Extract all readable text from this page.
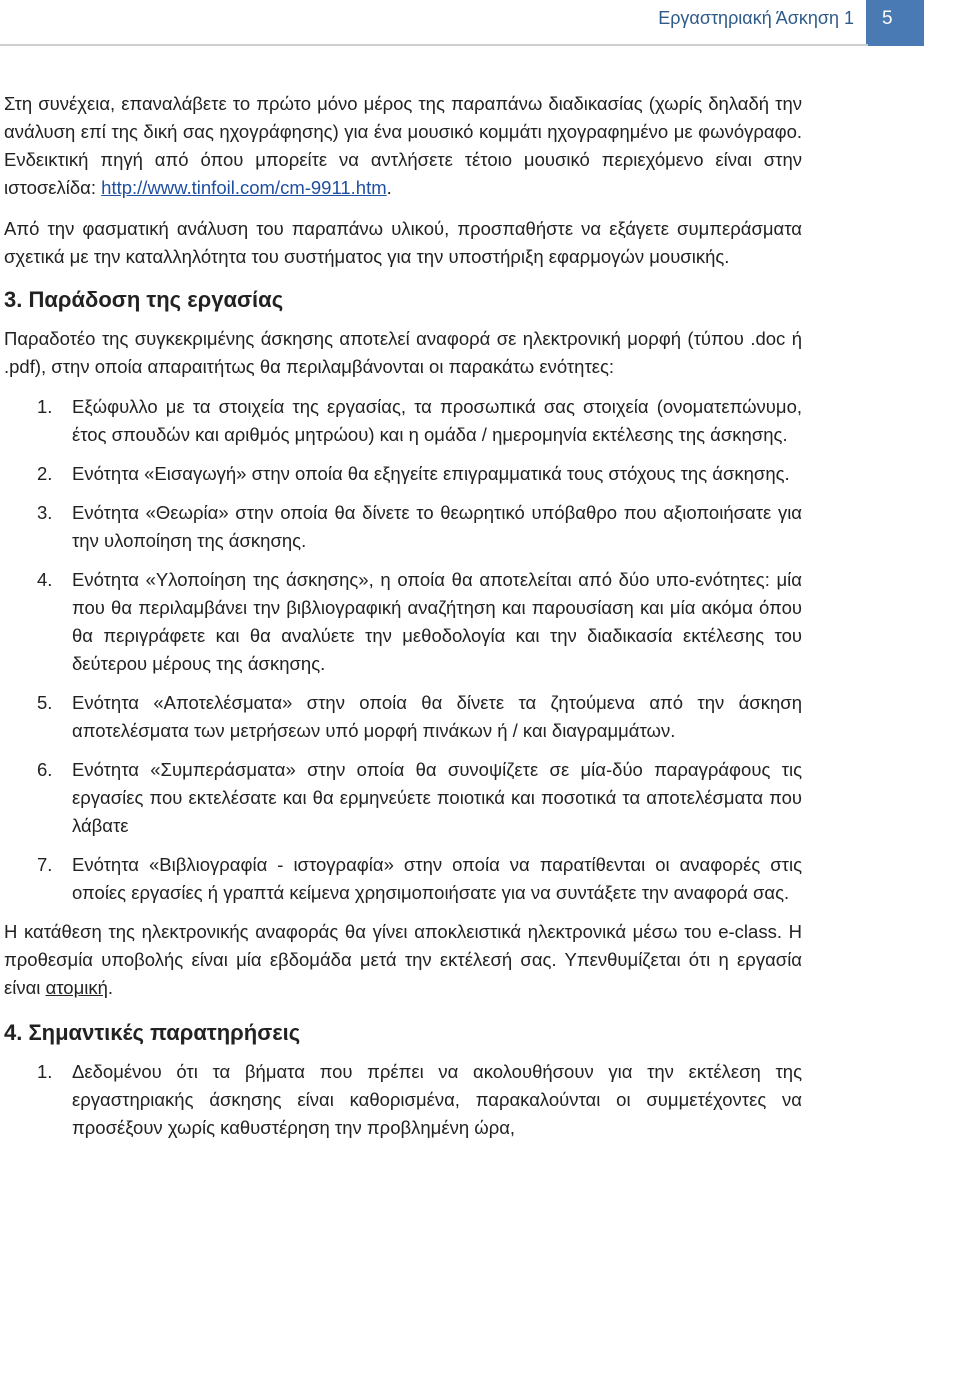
Εργαστηριακή Άσκηση 1 5

Στη συνέχεια, επαναλάβετε το πρώτο μόνο μέρος της παραπάνω διαδικασίας (χωρίς δηλαδή την ανάλυση επί της δική σας ηχογράφησης) για ένα μουσικό κομμάτι ηχογραφημένο με φωνόγραφο. Ενδεικτική πηγή από όπου μπορείτε να αντλήσετε τέτοιο μουσικό περιεχόμενο είναι στην ιστοσελίδα: http://www.tinfoil.com/cm-9911.htm.

Από την φασματική ανάλυση του παραπάνω υλικού, προσπαθήστε να εξάγετε συμπεράσματα σχετικά με την καταλληλότητα του συστήματος για την υποστήριξη εφαρμογών μουσικής.

3. Παράδοση της εργασίας

Παραδοτέο της συγκεκριμένης άσκησης αποτελεί αναφορά σε ηλεκτρονική μορφή (τύπου .doc ή .pdf), στην οποία απαραιτήτως θα περιλαμβάνονται οι παρακάτω ενότητες:

1. Εξώφυλλο με τα στοιχεία της εργασίας, τα προσωπικά σας στοιχεία (ονοματεπώνυμο, έτος σπουδών και αριθμός μητρώου) και η ομάδα / ημερομηνία εκτέλεσης της άσκησης.
2. Ενότητα «Εισαγωγή» στην οποία θα εξηγείτε επιγραμματικά τους στόχους της άσκησης.
3. Ενότητα «Θεωρία» στην οποία θα δίνετε το θεωρητικό υπόβαθρο που αξιοποιήσατε για την υλοποίηση της άσκησης.
4. Ενότητα «Υλοποίηση της άσκησης», η οποία θα αποτελείται από δύο υπο-ενότητες: μία που θα περιλαμβάνει την βιβλιογραφική αναζήτηση και παρουσίαση και μία ακόμα όπου θα περιγράφετε και θα αναλύετε την μεθοδολογία και την διαδικασία εκτέλεσης του δεύτερου μέρους της άσκησης.
5. Ενότητα «Αποτελέσματα» στην οποία θα δίνετε τα ζητούμενα από την άσκηση αποτελέσματα των μετρήσεων υπό μορφή πινάκων ή / και διαγραμμάτων.
6. Ενότητα «Συμπεράσματα» στην οποία θα συνοψίζετε σε μία-δύο παραγράφους τις εργασίες που εκτελέσατε και θα ερμηνεύετε ποιοτικά και ποσοτικά τα αποτελέσματα που λάβατε
7. Ενότητα «Βιβλιογραφία - ιστογραφία» στην οποία να παρατίθενται οι αναφορές στις οποίες εργασίες ή γραπτά κείμενα χρησιμοποιήσατε για να συντάξετε την αναφορά σας.

Η κατάθεση της ηλεκτρονικής αναφοράς θα γίνει αποκλειστικά ηλεκτρονικά μέσω του e-class. Η προθεσμία υποβολής είναι μία εβδομάδα μετά την εκτέλεσή σας. Υπενθυμίζεται ότι η εργασία είναι ατομική.

4. Σημαντικές παρατηρήσεις
1. Δεδομένου ότι τα βήματα που πρέπει να ακολουθήσουν για την εκτέλεση της εργαστηριακής άσκησης είναι καθορισμένα, παρακαλούνται οι συμμετέχοντες να προσέξουν χωρίς καθυστέρηση την προβλημένη ώρα,
